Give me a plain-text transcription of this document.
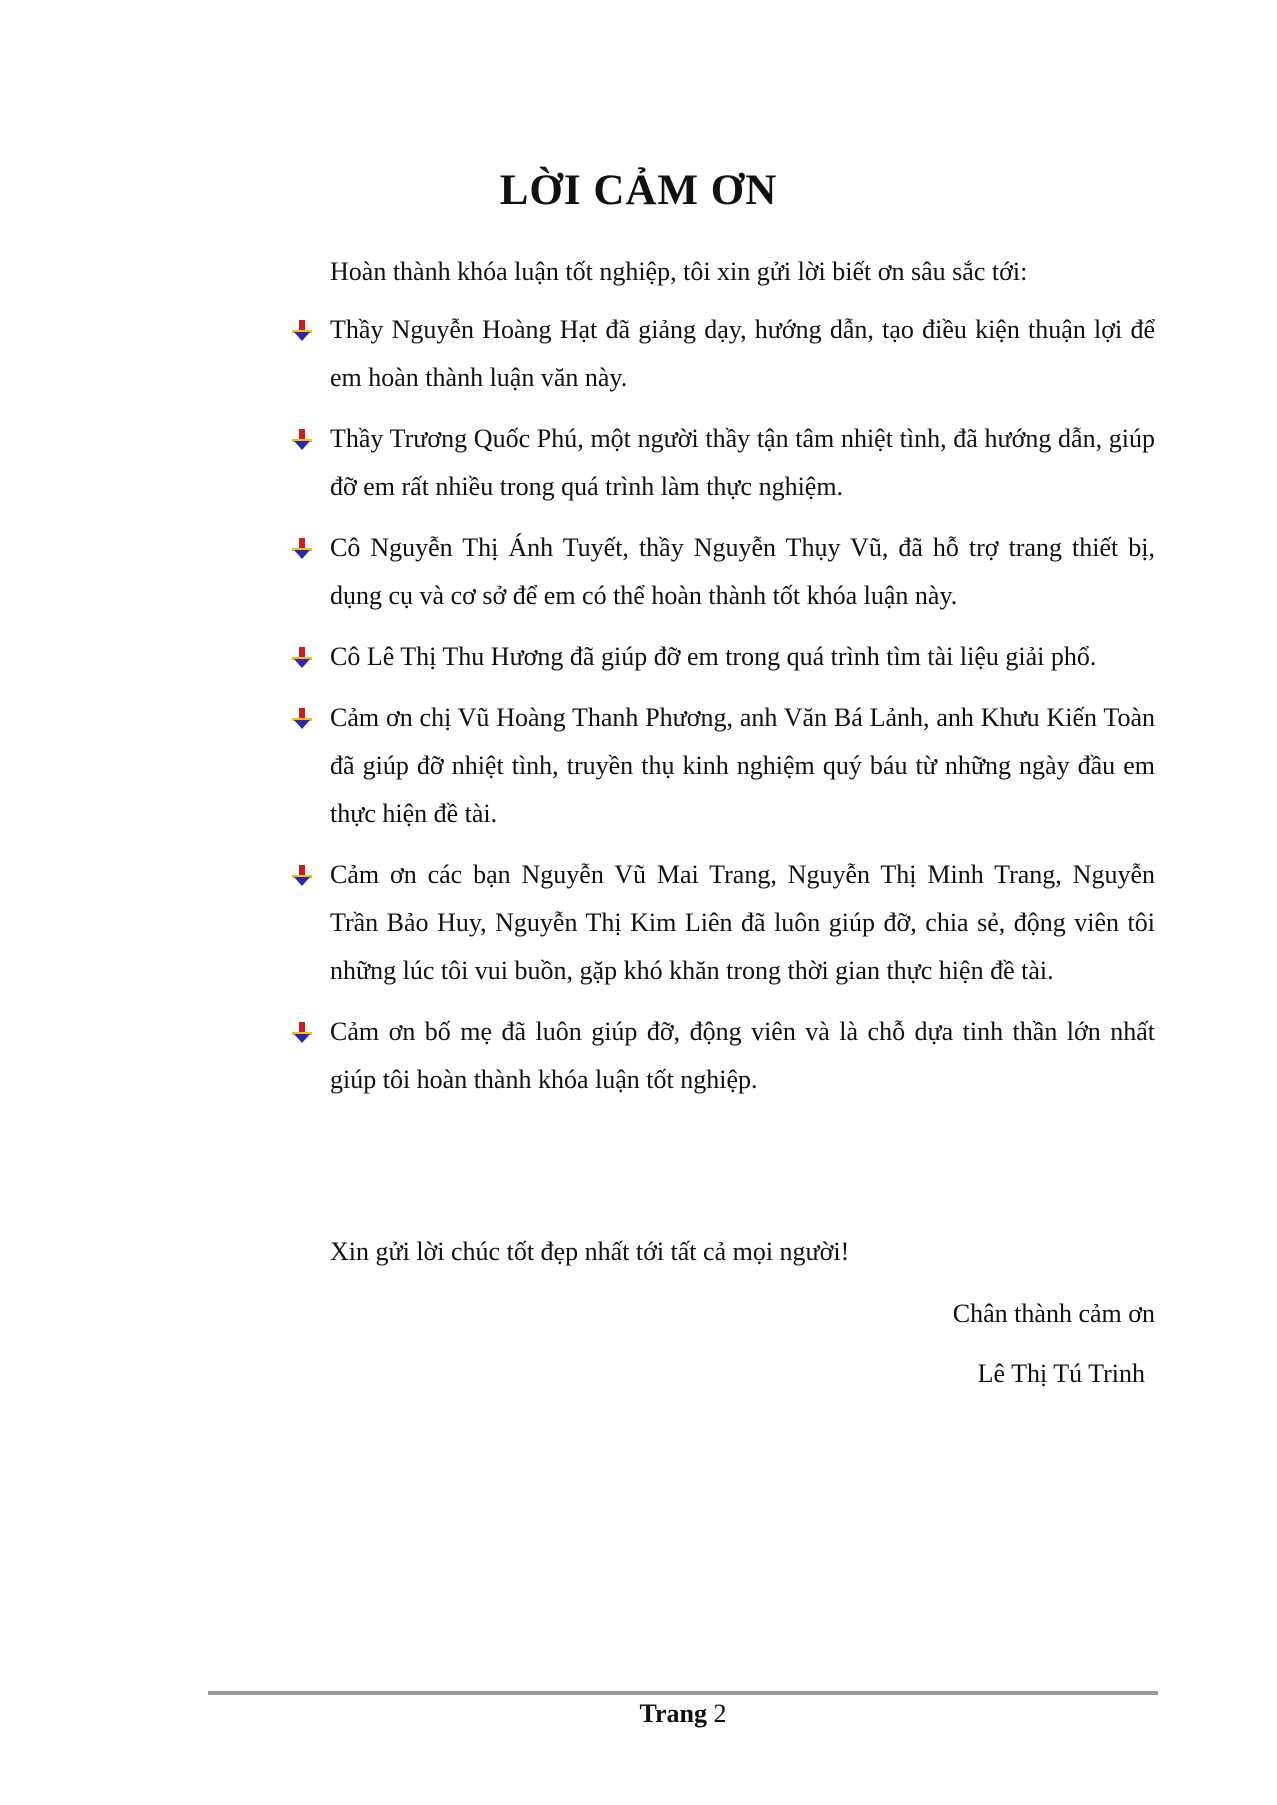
LỜI CẢM ƠN

Hoàn thành khóa luận tốt nghiệp, tôi xin gửi lời biết ơn sâu sắc tới:

Thầy Nguyễn Hoàng Hạt đã giảng dạy, hướng dẫn, tạo điều kiện thuận lợi để em hoàn thành luận văn này.
Thầy Trương Quốc Phú, một người thầy tận tâm nhiệt tình, đã hướng dẫn, giúp đỡ em rất nhiều trong quá trình làm thực nghiệm.
Cô Nguyễn Thị Ánh Tuyết, thầy Nguyễn Thụy Vũ, đã hỗ trợ trang thiết bị, dụng cụ và cơ sở để em có thể hoàn thành tốt khóa luận này.
Cô Lê Thị Thu Hương đã giúp đỡ em trong quá trình tìm tài liệu giải phổ.
Cảm ơn chị Vũ Hoàng Thanh Phương, anh Văn Bá Lảnh, anh Khưu Kiến Toàn đã giúp đỡ nhiệt tình, truyền thụ kinh nghiệm quý báu từ những ngày đầu em thực hiện đề tài.
Cảm ơn các bạn Nguyễn Vũ Mai Trang, Nguyễn Thị Minh Trang, Nguyễn Trần Bảo Huy, Nguyễn Thị Kim Liên đã luôn giúp đỡ, chia sẻ, động viên tôi những lúc tôi vui buồn, gặp khó khăn trong thời gian thực hiện đề tài.
Cảm ơn bố mẹ đã luôn giúp đỡ, động viên và là chỗ dựa tinh thần lớn nhất giúp tôi hoàn thành khóa luận tốt nghiệp.

Xin gửi lời chúc tốt đẹp nhất tới tất cả mọi người!

Chân thành cảm ơn

Lê Thị Tú Trinh

Trang 2
